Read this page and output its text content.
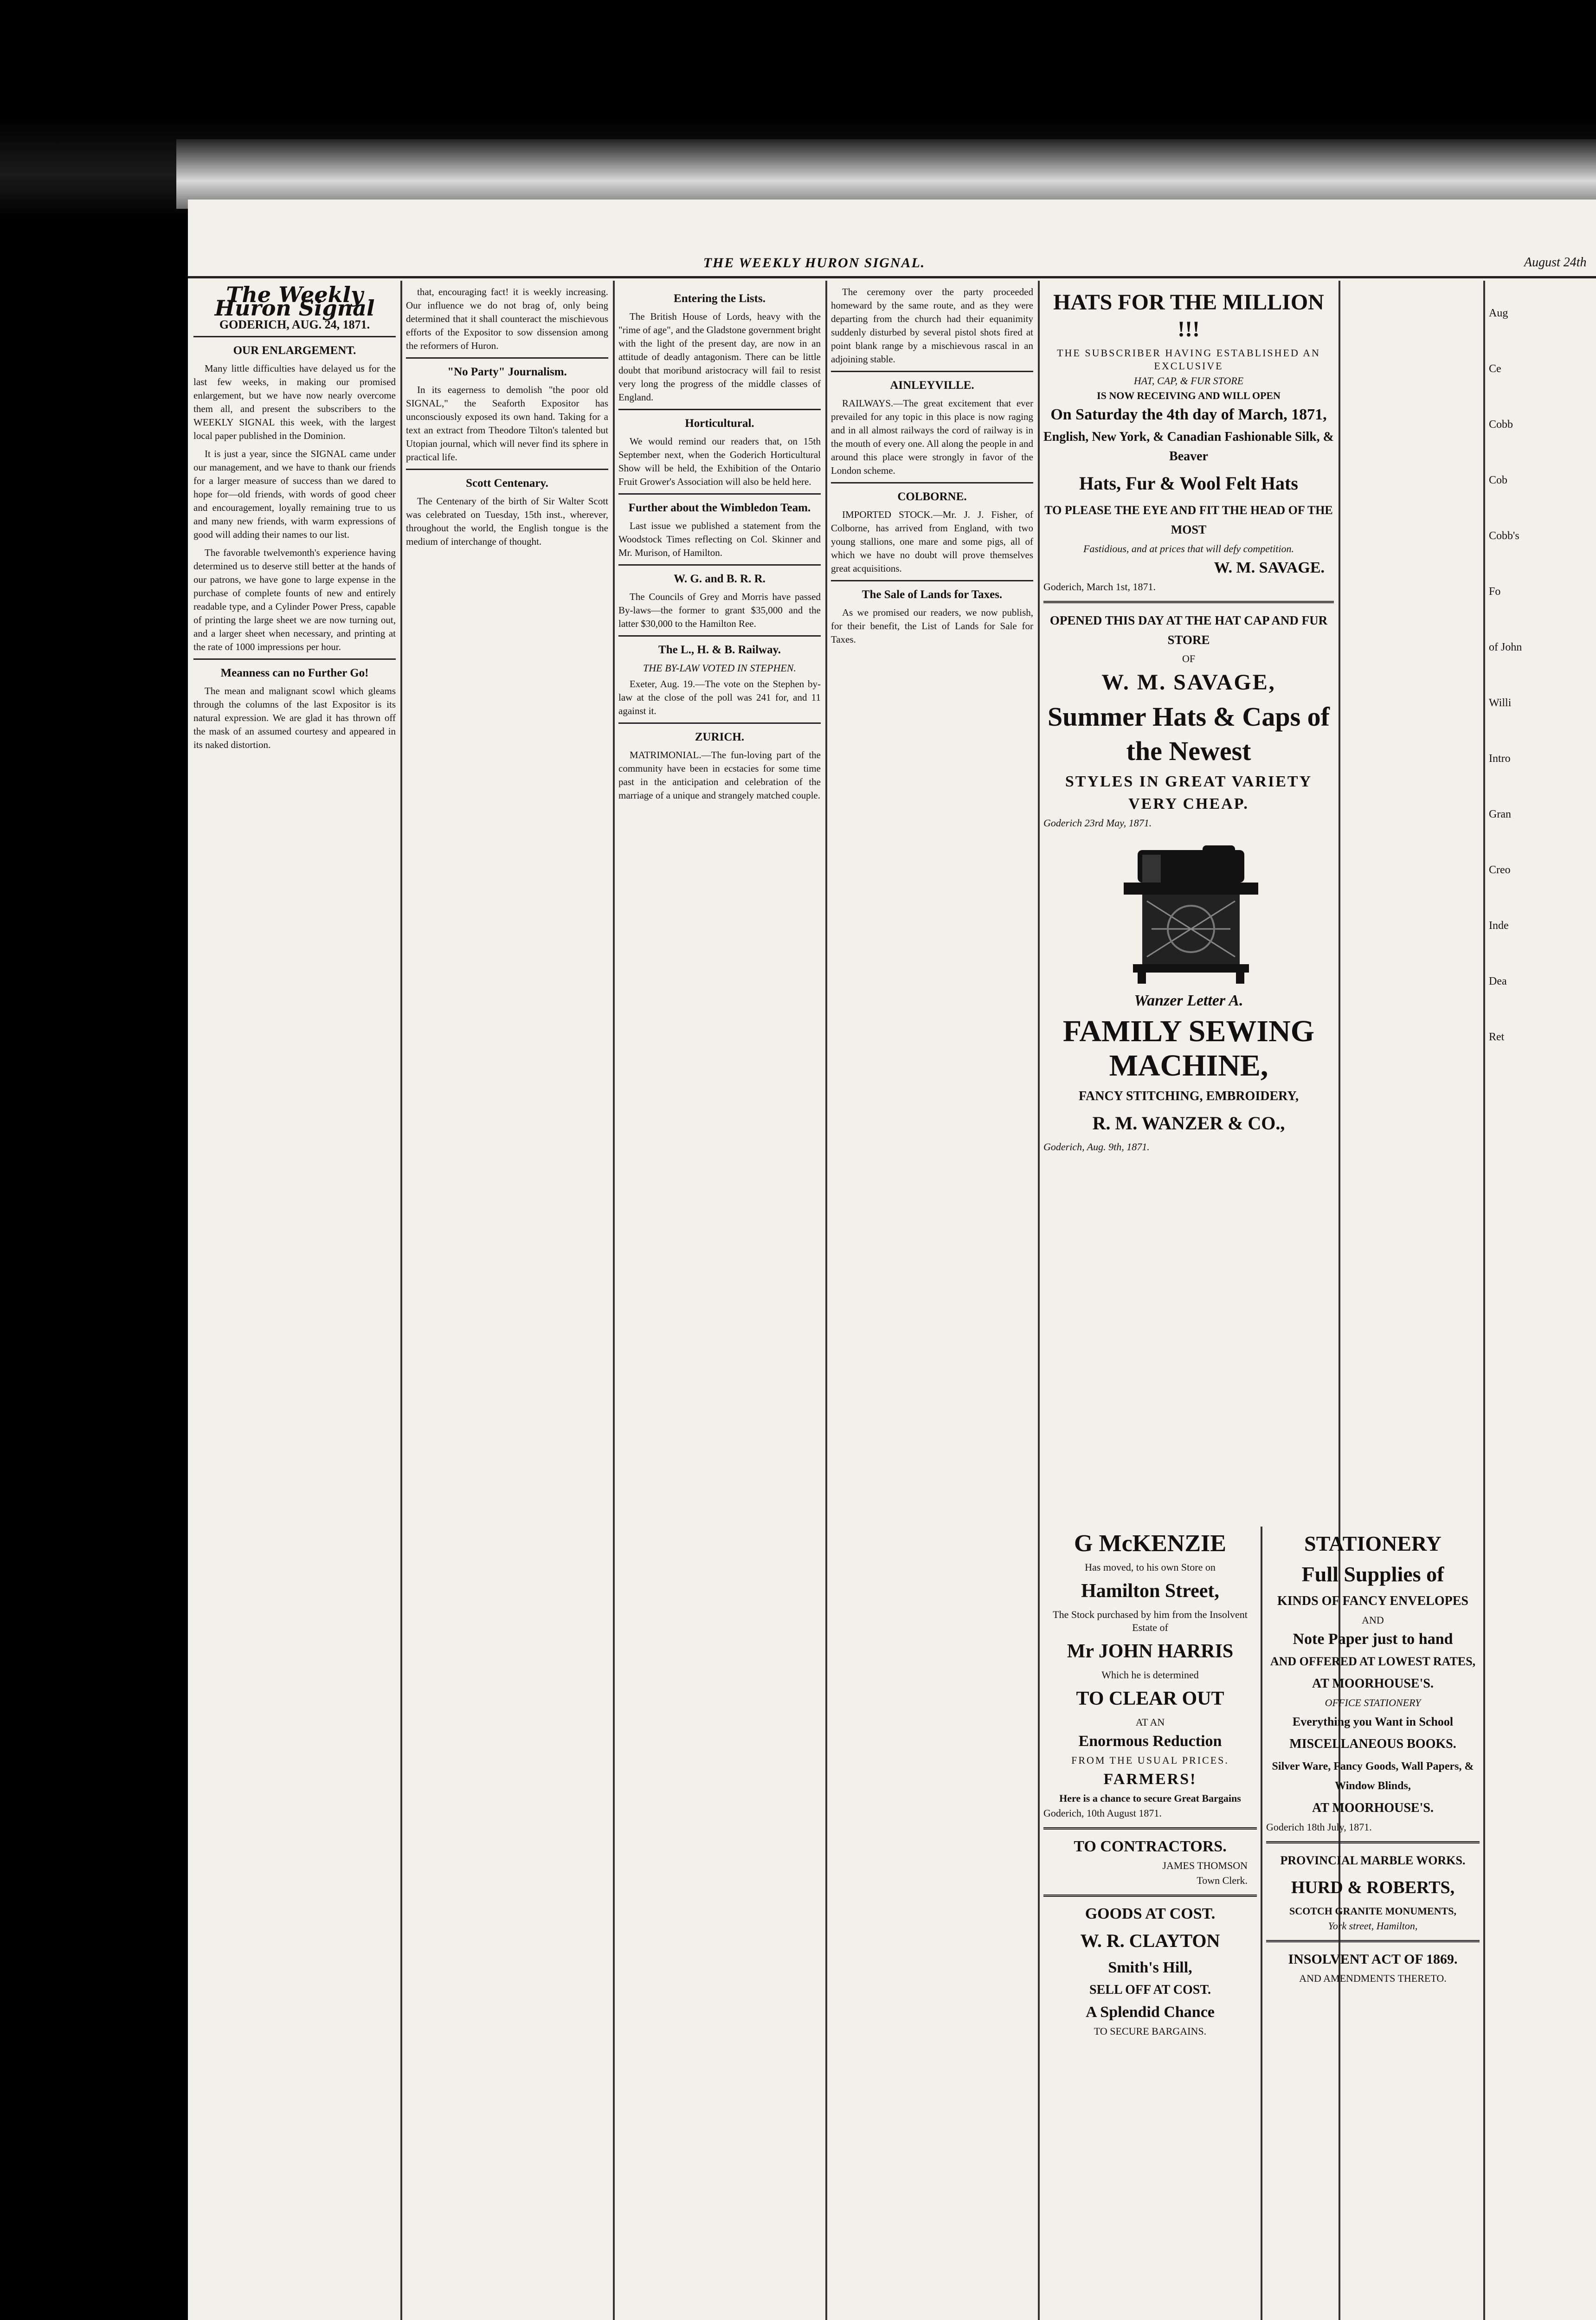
THE WEEKLY HURON SIGNAL.	August 24th
The Weekly Huron Signal
GODERICH, AUG. 24, 1871.
OUR ENLARGEMENT.

Many little difficulties have delayed us for the last few weeks, in making our promised enlargement, but we have now nearly overcome them all, and present the subscribers to the WEEKLY SIGNAL this week, with the largest local paper published in the Dominion.

It is just a year, since the SIGNAL came under our management, and we have to thank our friends for a larger measure of success than we dared to hope for—old friends, with words of good cheer and encouragement, loyally remaining true to us and many new friends, with warm expressions of good will adding their names to our list.

The favorable twelvemonth's experience having determined us to deserve still better at the hands of our patrons, we have gone to large expense in the purchase of complete founts of new and entirely readable type, and a Cylinder Power Press, capable of printing the large sheet we are now turning out, and a larger sheet when necessary, and printing at the rate of 1000 impressions per hour.

Meanness can no Further Go!

The mean and malignant scowl which gleams through the columns of the last Expositor is its natural expression. We are glad it has thrown off the mask of an assumed courtesy and appeared in its naked distortion.

that, encouraging fact! it is weekly increasing. Our influence we do not brag of, only being determined that it shall counteract the mischievous efforts of the Expositor to sow dissension among the reformers of Huron.

"No Party" Journalism.

In its eagerness to demolish "the poor old SIGNAL," the Seaforth Expositor has unconsciously exposed its own hand. Taking for a text an extract from Theodore Tilton's talented but Utopian journal, which will never find its sphere in practical life.

Scott Centenary.

The Centenary of the birth of Sir Walter Scott was celebrated on Tuesday, 15th inst., wherever, throughout the world, the English tongue is the medium of interchange of thought.

Entering the Lists.

The British House of Lords, heavy with the "rime of age", and the Gladstone government bright with the light of the present day, are now in an attitude of deadly antagonism. There can be little doubt that moribund aristocracy will fail to resist very long the progress of the middle classes of England.

Horticultural.

We would remind our readers that, on 15th September next, when the Goderich Horticultural Show will be held, the Exhibition of the Ontario Fruit Grower's Association will also be held here.

Further about the Wimbledon Team.

Last issue we published a statement from the Woodstock Times reflecting on Col. Skinner and Mr. Murison, of Hamilton.

W. G. and B. R. R.

The Councils of Grey and Morris have passed By-laws—the former to grant $35,000 and the latter $30,000 to the Hamilton Ree.

The L., H. & B. Railway.
THE BY-LAW VOTED IN STEPHEN.

Exeter, Aug. 19.—The vote on the Stephen by-law at the close of the poll was 241 for, and 11 against it.

ZURICH.

MATRIMONIAL.—The fun-loving part of the community have been in ecstacies for some time past in the anticipation and celebration of the marriage of a unique and strangely matched couple.

The ceremony over the party proceeded homeward by the same route, and as they were departing from the church had their equanimity suddenly disturbed by several pistol shots fired at point blank range by a mischievous rascal in an adjoining stable.

AINLEYVILLE.

RAILWAYS.—The great excitement that ever prevailed for any topic in this place is now raging and in all almost railways the cord of railway is in the mouth of every one. All along the people in and around this place were strongly in favor of the London scheme.

COLBORNE.

IMPORTED STOCK.—Mr. J. J. Fisher, of Colborne, has arrived from England, with two young stallions, one mare and some pigs, all of which we have no doubt will prove themselves great acquisitions.

The Sale of Lands for Taxes.

As we promised our readers, we now publish, for their benefit, the List of Lands for Sale for Taxes.

HATS FOR THE MILLION !!!
THE SUBSCRIBER HAVING ESTABLISHED AN EXCLUSIVE
HAT, CAP, & FUR STORE
IS NOW RECEIVING AND WILL OPEN
On Saturday the 4th day of March, 1871,
English, New York, & Canadian Fashionable Silk, & Beaver
Hats, Fur & Wool Felt Hats
TO PLEASE THE EYE AND FIT THE HEAD OF THE MOST
Fastidious, and at prices that will defy competition.
W. M. SAVAGE.
Goderich, March 1st, 1871.
OPENED THIS DAY AT THE HAT CAP AND FUR STORE
OF
W. M. SAVAGE,
Summer Hats & Caps of the Newest
STYLES IN GREAT VARIETY
VERY CHEAP.
Goderich 23rd May, 1871.
Wanzer Letter A.
FAMILY SEWING MACHINE,
FANCY STITCHING, EMBROIDERY,
R. M. WANZER & CO.,
Goderich, Aug. 9th, 1871.
G McKENZIE
Has moved, to his own Store on
Hamilton Street,
The Stock purchased by him from the Insolvent Estate of
Mr JOHN HARRIS
Which he is determined
TO CLEAR OUT
AT AN
Enormous Reduction
FROM THE USUAL PRICES.
FARMERS!
Here is a chance to secure Great Bargains
Goderich, 10th August 1871.
TO CONTRACTORS.
JAMES THOMSON
Town Clerk.
GOODS AT COST.
W. R. CLAYTON
Smith's Hill,
SELL OFF AT COST.
A Splendid Chance
TO SECURE BARGAINS.
STATIONERY
Full Supplies of
KINDS OF FANCY ENVELOPES
AND
Note Paper just to hand
AND OFFERED AT LOWEST RATES,
AT MOORHOUSE'S.
OFFICE STATIONERY
Everything you Want in School
MISCELLANEOUS BOOKS.
Silver Ware, Fancy Goods, Wall Papers, & Window Blinds,
AT MOORHOUSE'S.
Goderich 18th July, 1871.
PROVINCIAL MARBLE WORKS.
HURD & ROBERTS,
SCOTCH GRANITE MONUMENTS,
York street, Hamilton,
INSOLVENT ACT OF 1869.
AND AMENDMENTS THERETO.
Aug
Ce
Cobb
Cob
Cobb's
Fo
of John
Willi
Intro
Gran
Creo
Inde
Dea
Ret
